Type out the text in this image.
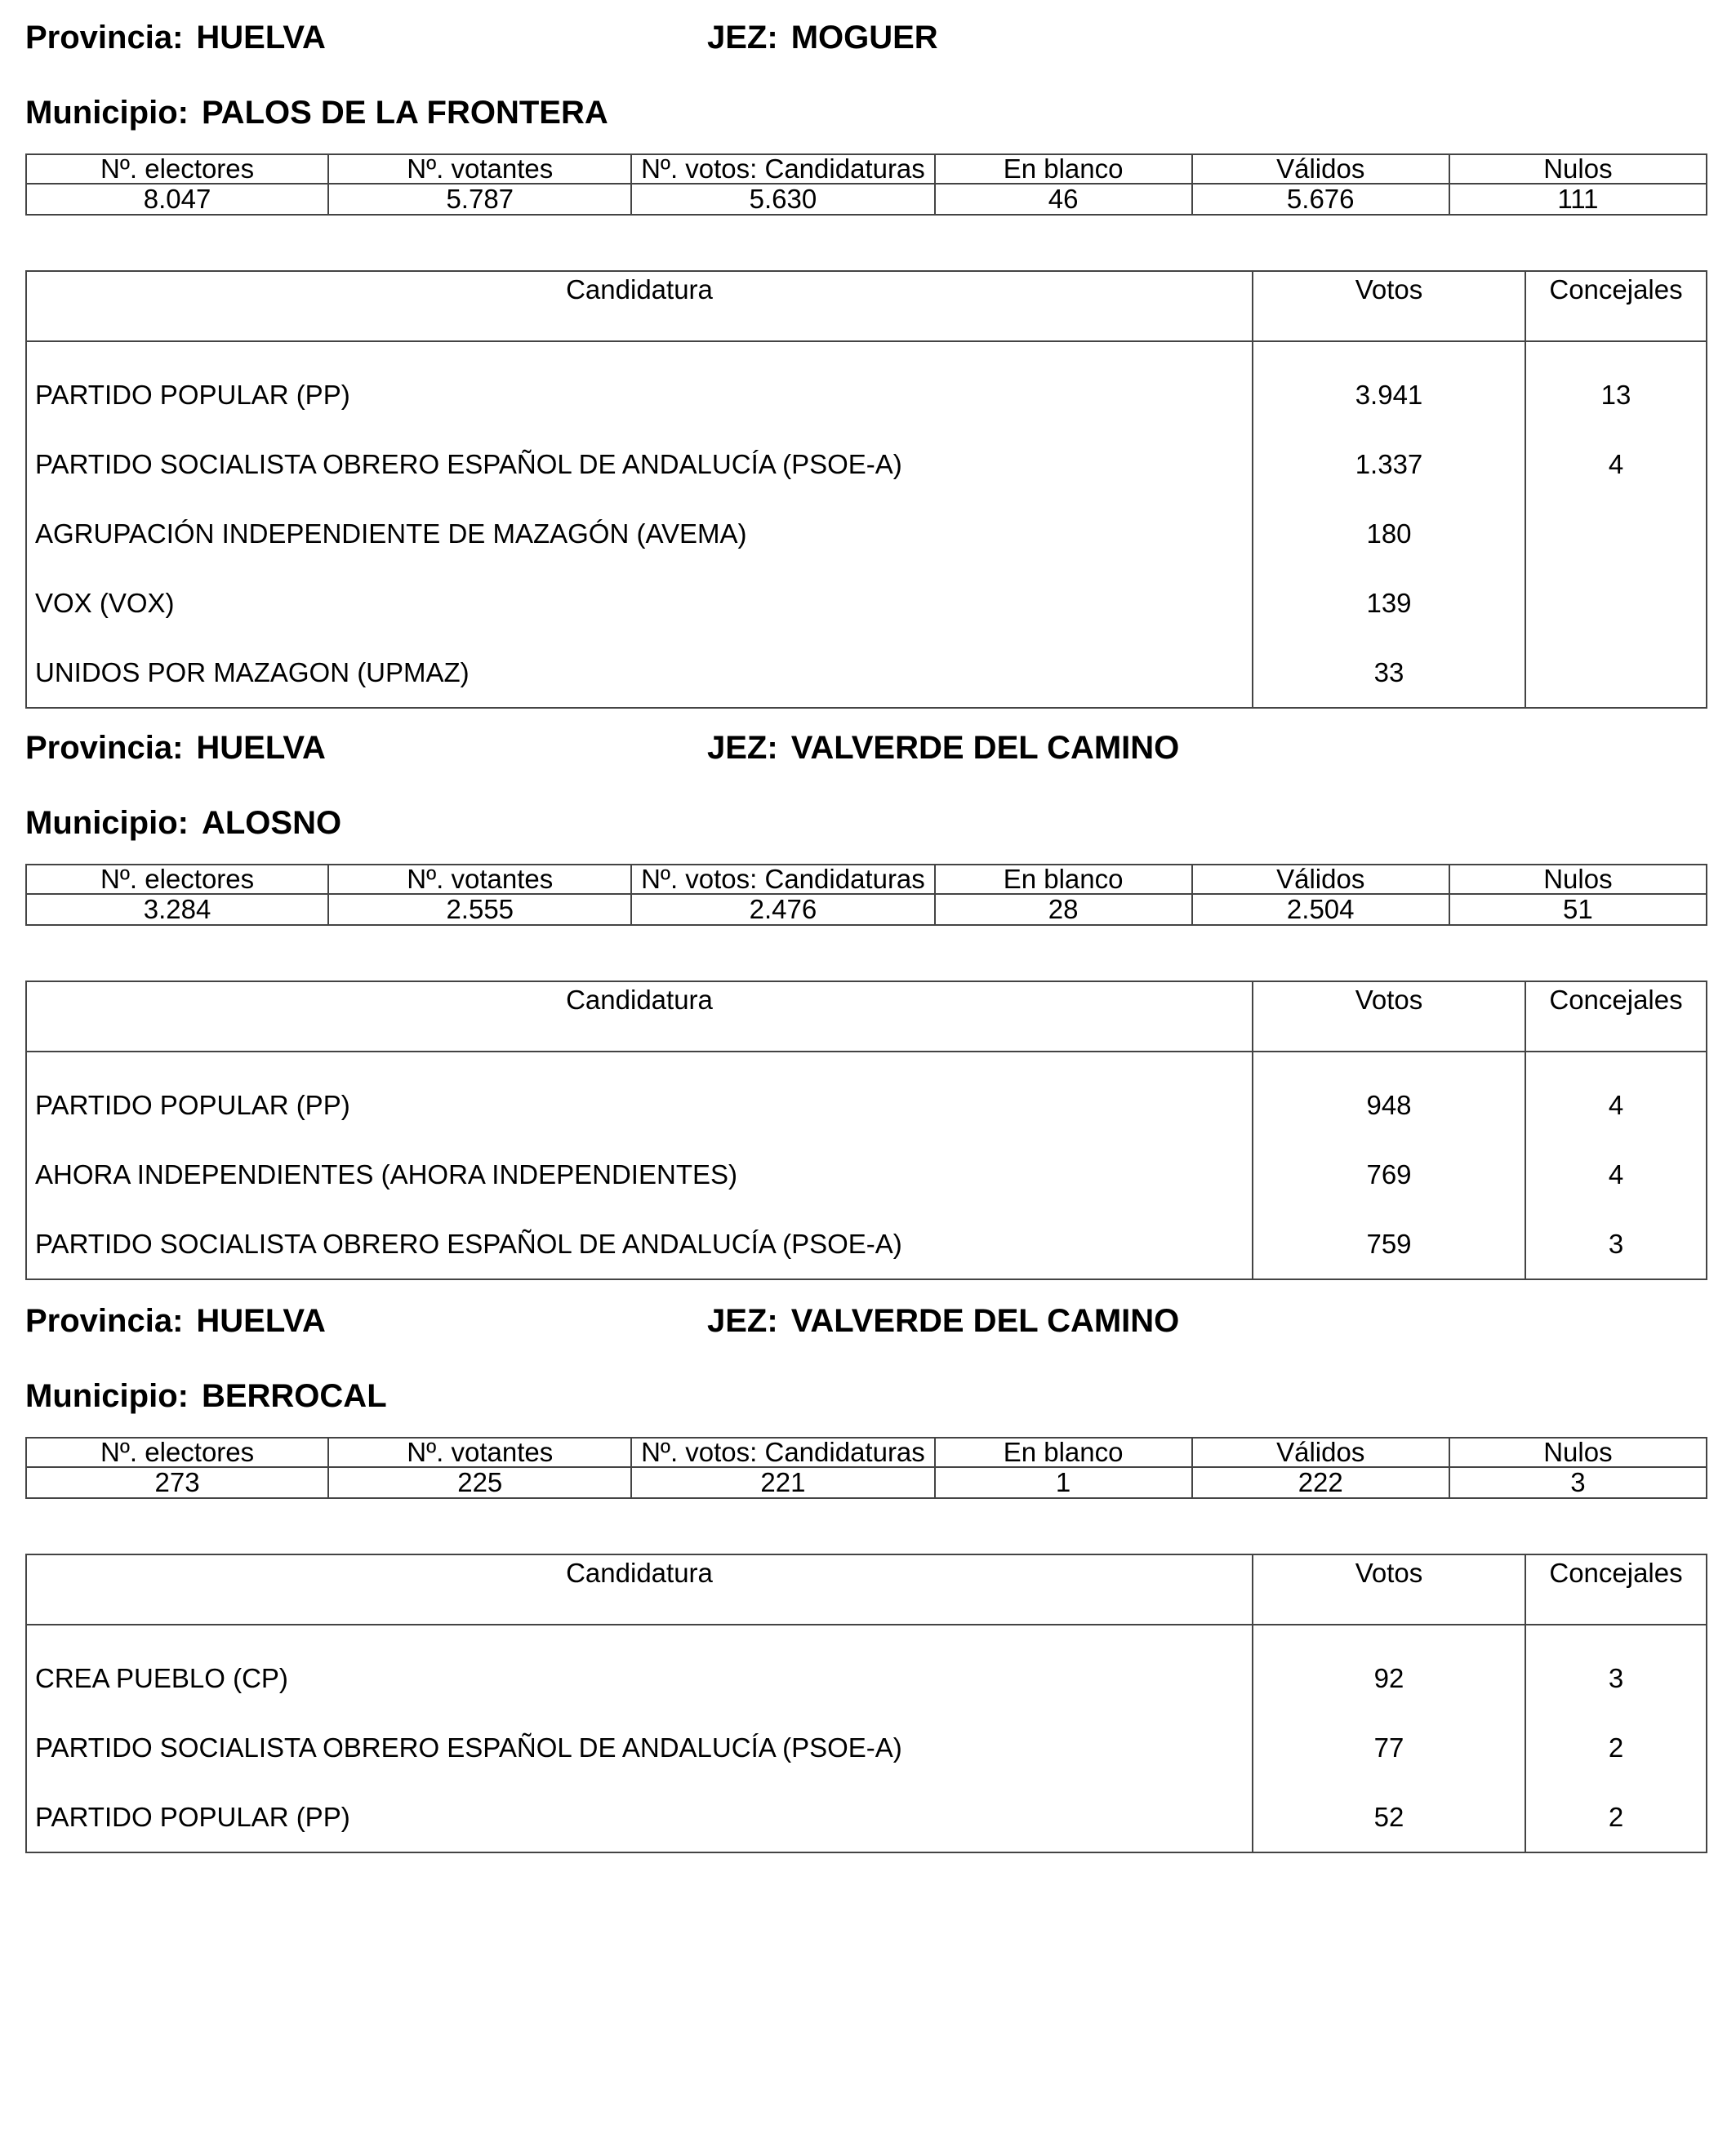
Provincia: HUELVA	JEZ: MOGUER
Municipio: PALOS DE LA FRONTERA
Nº. electores	Nº. votantes	Nº. votos: Candidaturas	En blanco	Válidos	Nulos
8.047	5.787	5.630	46	5.676	111
Candidatura	Votos	Concejales

PARTIDO POPULAR (PP)	3.941	13
PARTIDO SOCIALISTA OBRERO ESPAÑOL DE ANDALUCÍA (PSOE-A)	1.337	4
AGRUPACIÓN INDEPENDIENTE DE MAZAGÓN (AVEMA)	180	
VOX (VOX)	139	
UNIDOS POR MAZAGON (UPMAZ)	33	
Provincia: HUELVA	JEZ: VALVERDE DEL CAMINO
Municipio: ALOSNO
Nº. electores	Nº. votantes	Nº. votos: Candidaturas	En blanco	Válidos	Nulos
3.284	2.555	2.476	28	2.504	51
Candidatura	Votos	Concejales

PARTIDO POPULAR (PP)	948	4
AHORA INDEPENDIENTES (AHORA INDEPENDIENTES)	769	4
PARTIDO SOCIALISTA OBRERO ESPAÑOL DE ANDALUCÍA (PSOE-A)	759	3
Provincia: HUELVA	JEZ: VALVERDE DEL CAMINO
Municipio: BERROCAL
Nº. electores	Nº. votantes	Nº. votos: Candidaturas	En blanco	Válidos	Nulos
273	225	221	1	222	3
Candidatura	Votos	Concejales

CREA PUEBLO (CP)	92	3
PARTIDO SOCIALISTA OBRERO ESPAÑOL DE ANDALUCÍA (PSOE-A)	77	2
PARTIDO POPULAR (PP)	52	2
